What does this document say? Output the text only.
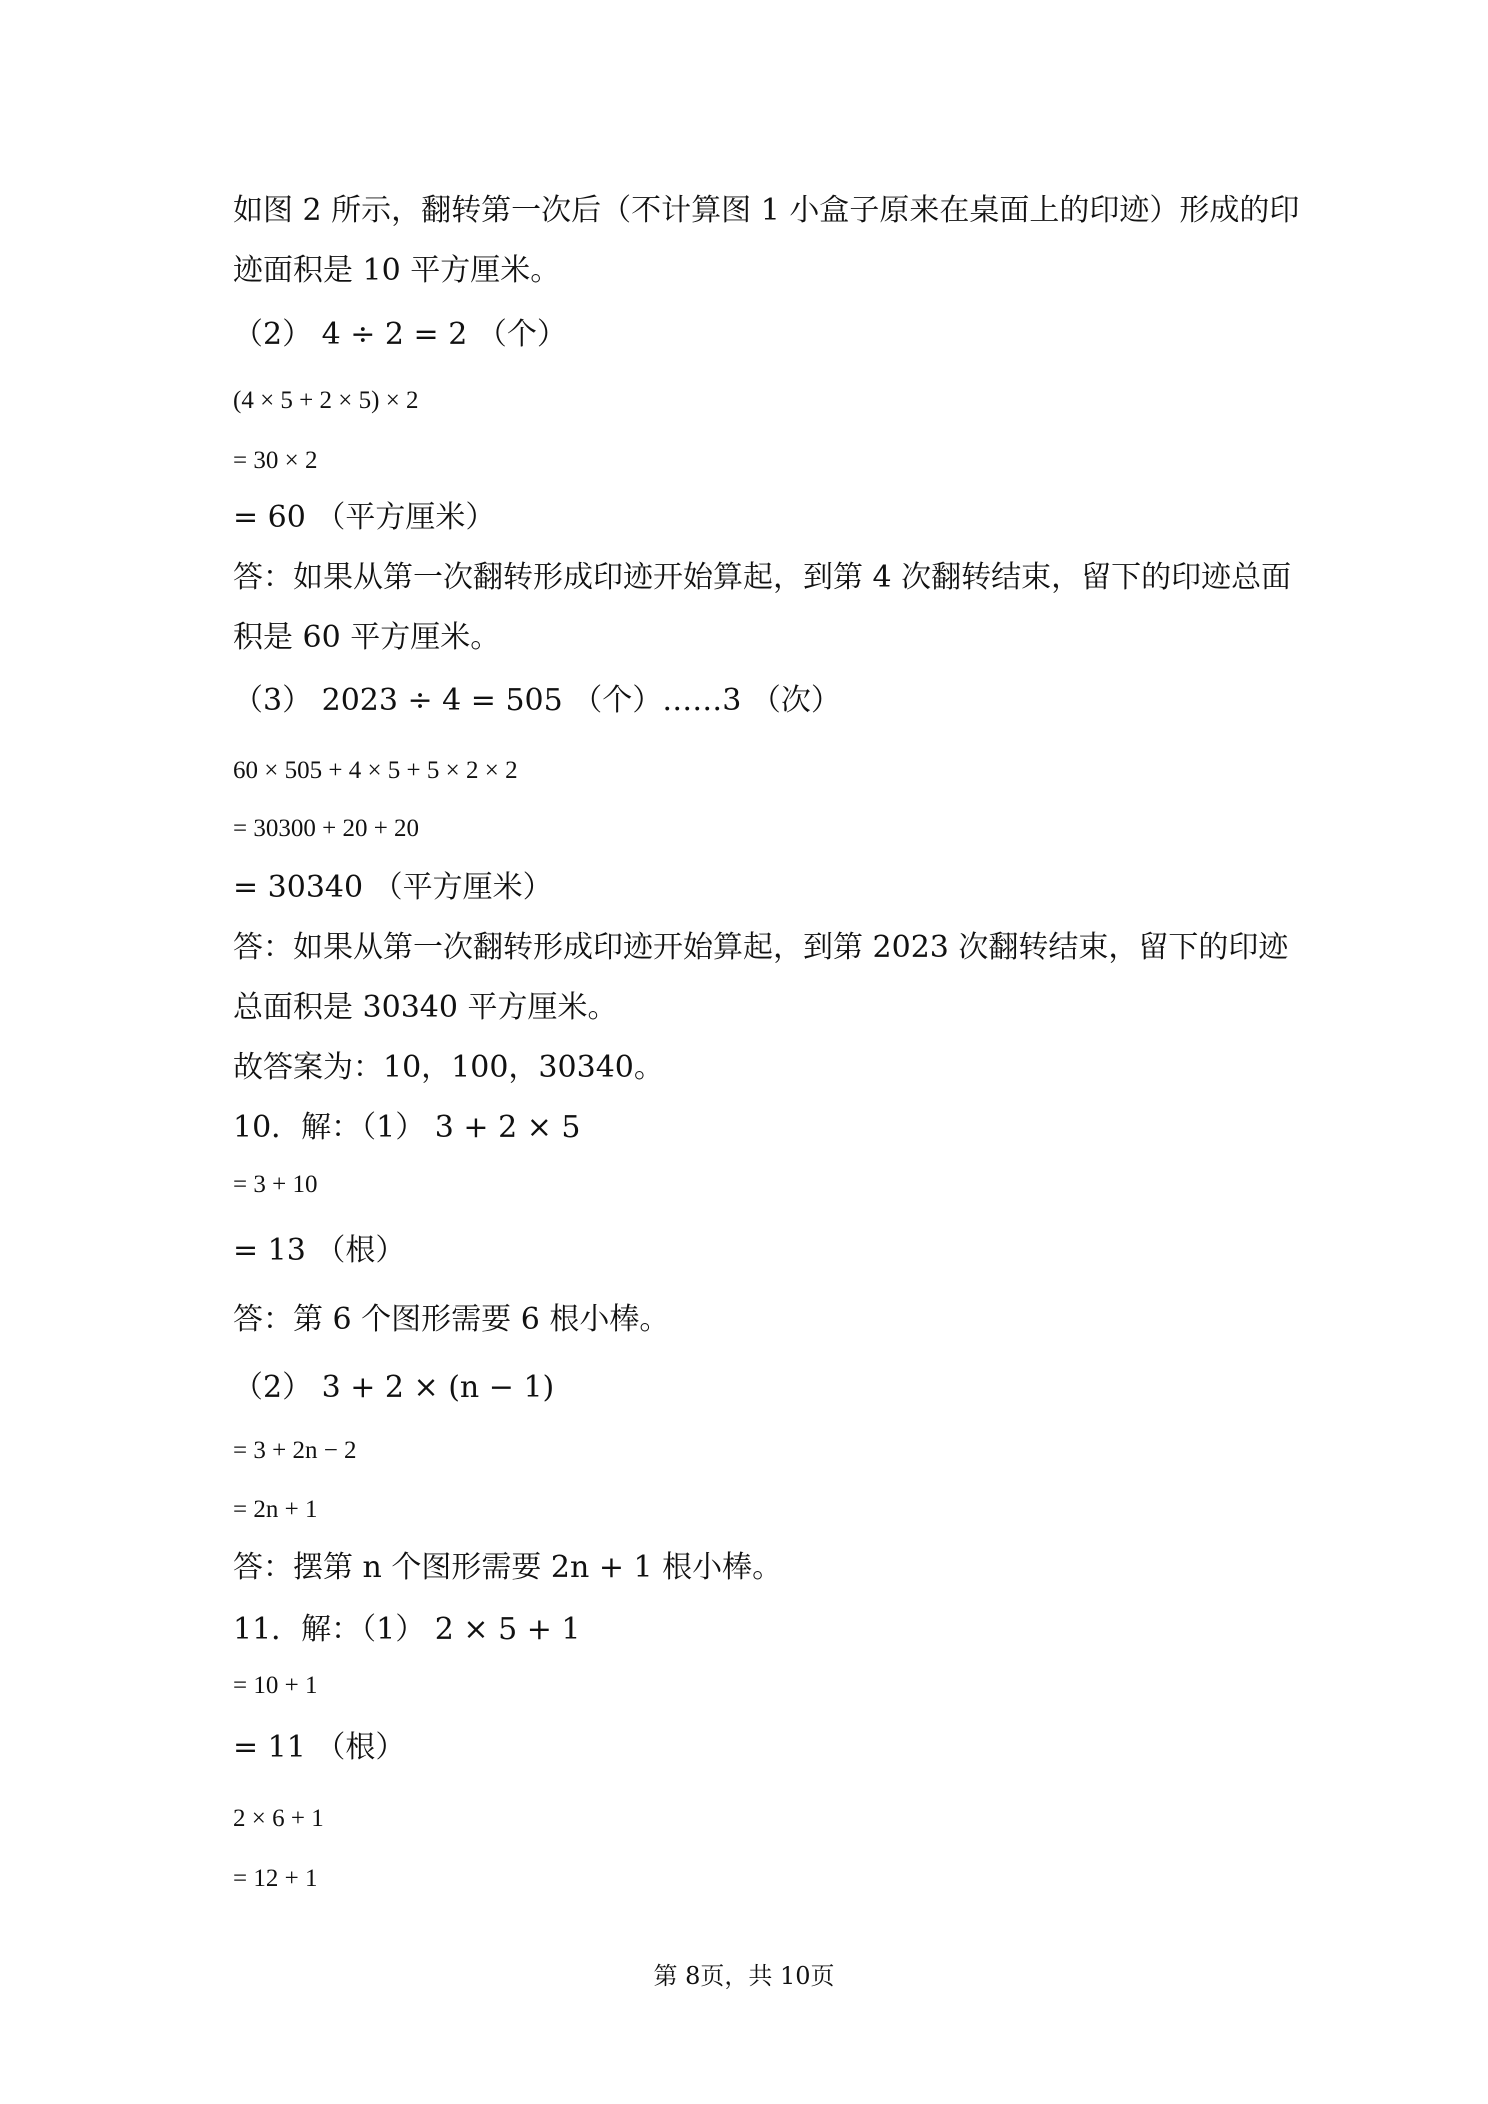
如图 2 所示，翻转第一次后（不计算图 1 小盒子原来在桌面上的印迹）形成的印
迹面积是 10 平方厘米。
（2） 4 ÷ 2 = 2 （个）
(4 × 5 + 2 × 5) × 2
= 30 × 2
= 60 （平方厘米）
答：如果从第一次翻转形成印迹开始算起，到第 4 次翻转结束，留下的印迹总面
积是 60 平方厘米。
（3） 2023 ÷ 4 = 505 （个）……3 （次）
60 × 505 + 4 × 5 + 5 × 2 × 2
= 30300 + 20 + 20
= 30340 （平方厘米）
答：如果从第一次翻转形成印迹开始算起，到第 2023 次翻转结束，留下的印迹
总面积是 30340 平方厘米。
故答案为：10，100，30340。
10．解：（1） 3 + 2 × 5
= 3 + 10
= 13 （根）
答：第 6 个图形需要 6 根小棒。
（2） 3 + 2 × (n − 1)
= 3 + 2n − 2
= 2n + 1
答：摆第 n 个图形需要 2n + 1 根小棒。
11．解：（1） 2 × 5 + 1
= 10 + 1
= 11 （根）
2 × 6 + 1
= 12 + 1
第 8页，共 10页
